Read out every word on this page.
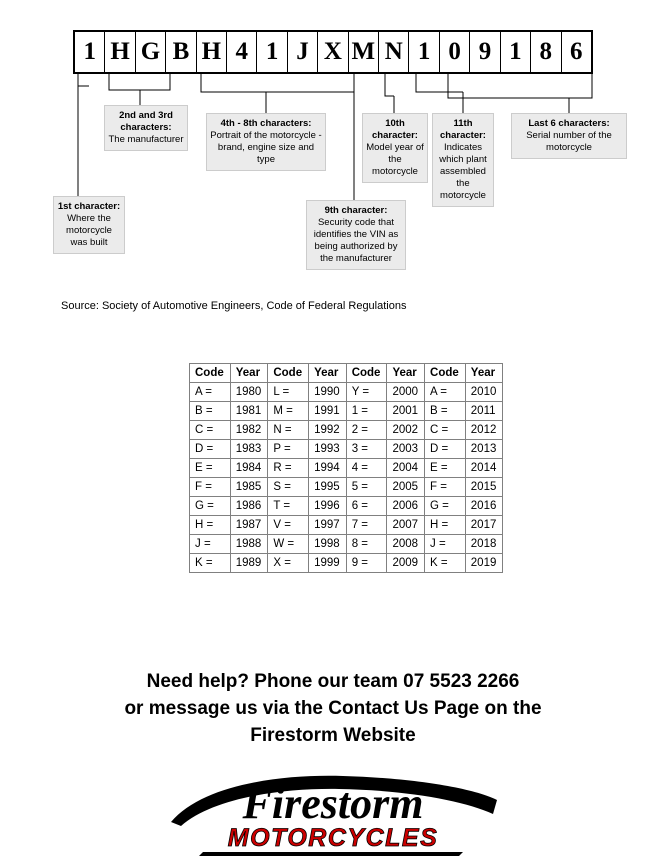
1 H G B H 4 1 J X M N 1 0 9 1 8 6
1st character:
Where the motorcycle was built
2nd and 3rd characters:
The manufacturer
4th - 8th characters:
Portrait of the motorcycle - brand, engine size and type
9th character:
Security code that identifies the VIN as being authorized by the manufacturer
10th character:
Model year of the motorcycle
11th character:
Indicates which plant assembled the motorcycle
Last 6 characters:
Serial number of the motorcycle
Source: Society of Automotive Engineers, Code of Federal Regulations
Code	Year	Code	Year	Code	Year	Code	Year
A =	1980	L =	1990	Y =	2000	A =	2010
B =	1981	M =	1991	1 =	2001	B =	2011
C =	1982	N =	1992	2 =	2002	C =	2012
D =	1983	P =	1993	3 =	2003	D =	2013
E =	1984	R =	1994	4 =	2004	E =	2014
F =	1985	S =	1995	5 =	2005	F =	2015
G =	1986	T =	1996	6 =	2006	G =	2016
H =	1987	V =	1997	7 =	2007	H =	2017
J =	1988	W =	1998	8 =	2008	J =	2018
K =	1989	X =	1999	9 =	2009	K =	2019
Need help? Phone our team 07 5523 2266
or message us via the Contact Us Page on the
Firestorm Website
Firestorm
MOTORCYCLES
